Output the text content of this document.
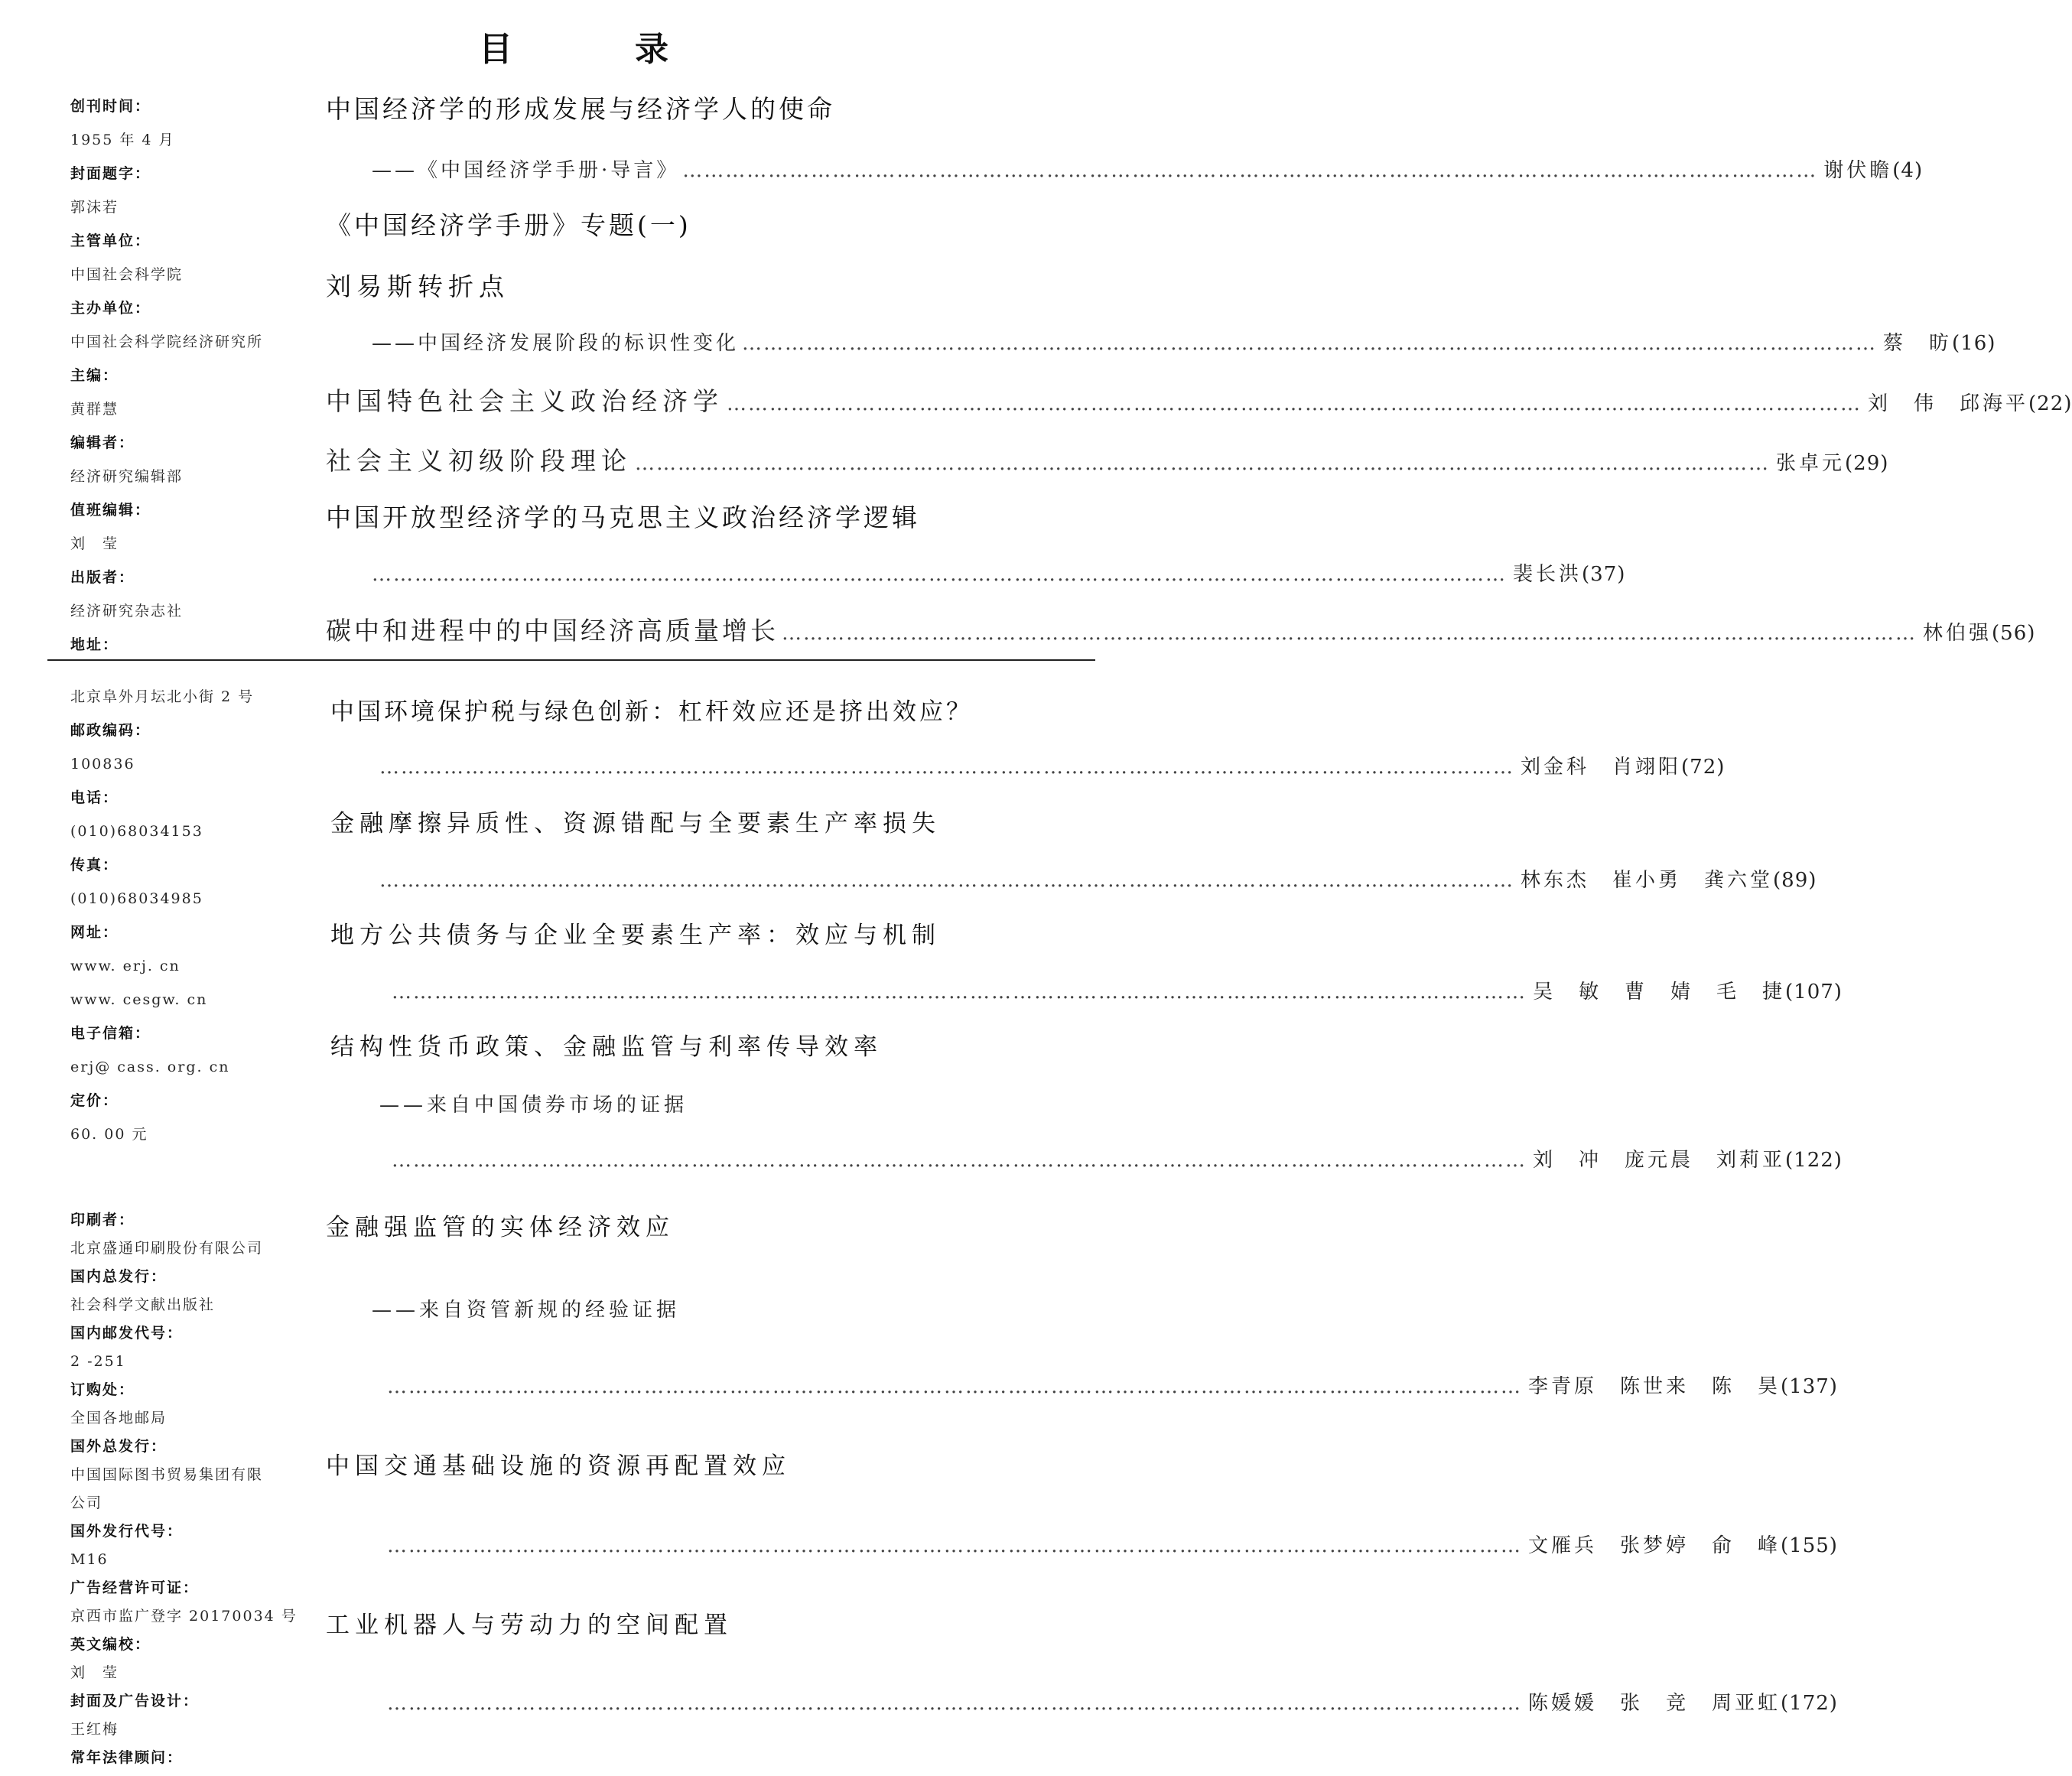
目　录
创刊时间：
1955 年 4 月
封面题字：
郭沫若
主管单位：
中国社会科学院
主办单位：
中国社会科学院经济研究所
主编：
黄群慧
编辑者：
经济研究编辑部
值班编辑：
刘　莹
出版者：
经济研究杂志社
地址：
北京阜外月坛北小街 2 号
邮政编码：
100836
电话：
(010)68034153
传真：
(010)68034985
网址：
www. erj. cn
www. cesgw. cn
电子信箱：
erj@ cass. org. cn
定价：
60. 00 元
印刷者：
北京盛通印刷股份有限公司
国内总发行：
社会科学文献出版社
国内邮发代号：
2 -251
订购处：
全国各地邮局
国外总发行：
中国国际图书贸易集团有限
公司
国外发行代号：
M16
广告经营许可证：
京西市监广登字 20170034 号
英文编校：
刘　莹
封面及广告设计：
王红梅
常年法律顾问：
中国经济学的形成发展与经济学人的使命
——《中国经济学手册·导言》 …………………………………………………………………………………………………………………………………………… 谢伏瞻 (4)
《中国经济学手册》专题(一)
刘易斯转折点
——中国经济发展阶段的标识性变化 …………………………………………………………………………………………………………………………………………… 蔡　昉 (16)
中国特色社会主义政治经济学 …………………………………………………………………………………………………………………………………………… 刘　伟　邱海平 (22)
社会主义初级阶段理论 …………………………………………………………………………………………………………………………………………… 张卓元 (29)
中国开放型经济学的马克思主义政治经济学逻辑
…………………………………………………………………………………………………………………………………………… 裴长洪 (37)
碳中和进程中的中国经济高质量增长 …………………………………………………………………………………………………………………………………………… 林伯强 (56)
中国环境保护税与绿色创新：杠杆效应还是挤出效应？
…………………………………………………………………………………………………………………………………………… 刘金科　肖翊阳 (72)
金融摩擦异质性、资源错配与全要素生产率损失
…………………………………………………………………………………………………………………………………………… 林东杰　崔小勇　龚六堂 (89)
地方公共债务与企业全要素生产率：效应与机制
…………………………………………………………………………………………………………………………………………… 吴　敏　曹　婧　毛　捷 (107)
结构性货币政策、金融监管与利率传导效率
——来自中国债券市场的证据
…………………………………………………………………………………………………………………………………………… 刘　冲　庞元晨　刘莉亚 (122)
金融强监管的实体经济效应
——来自资管新规的经验证据
…………………………………………………………………………………………………………………………………………… 李青原　陈世来　陈　昊 (137)
中国交通基础设施的资源再配置效应
…………………………………………………………………………………………………………………………………………… 文雁兵　张梦婷　俞　峰 (155)
工业机器人与劳动力的空间配置
…………………………………………………………………………………………………………………………………………… 陈媛媛　张　竞　周亚虹 (172)
